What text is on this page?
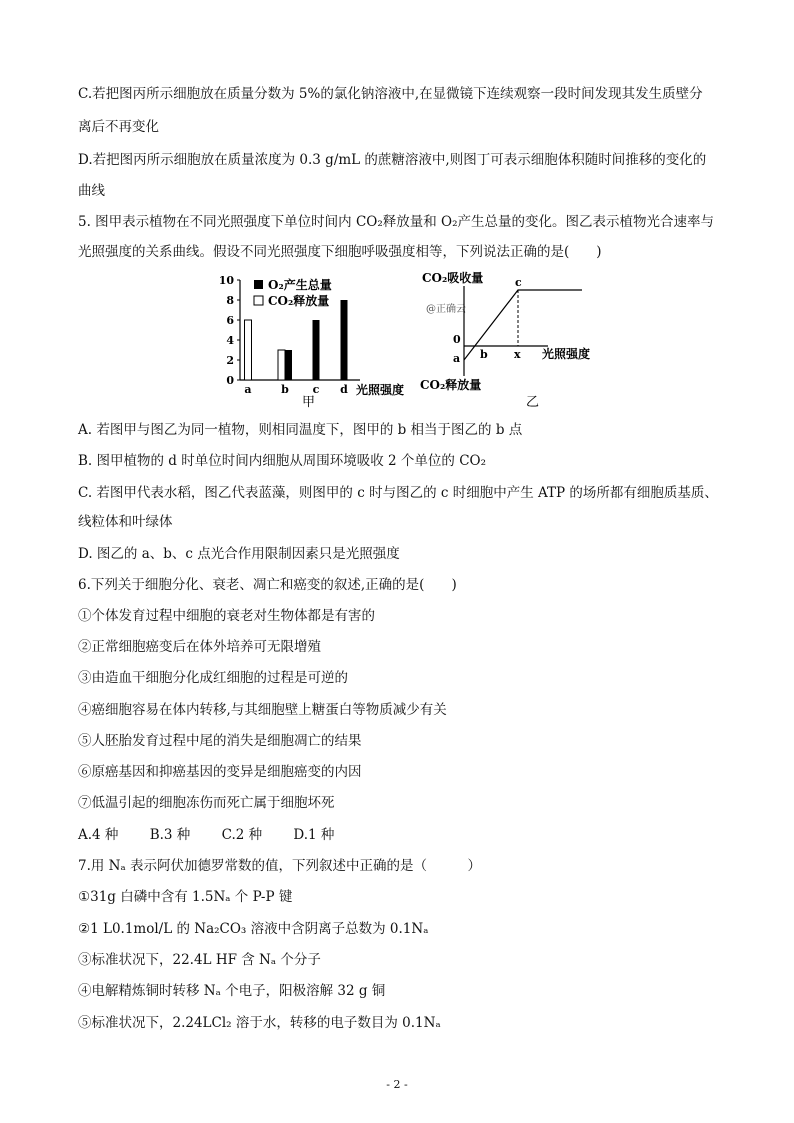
C.若把图丙所示细胞放在质量分数为 5%的氯化钠溶液中,在显微镜下连续观察一段时间发现其发生质壁分
离后不再变化
D.若把图丙所示细胞放在质量浓度为 0.3 g/mL 的蔗糖溶液中,则图丁可表示细胞体积随时间推移的变化的
曲线
5. 图甲表示植物在不同光照强度下单位时间内 CO₂释放量和 O₂产生总量的变化。图乙表示植物光合速率与
光照强度的关系曲线。假设不同光照强度下细胞呼吸强度相等，下列说法正确的是(　　)
A. 若图甲与图乙为同一植物，则相同温度下，图甲的 b 相当于图乙的 b 点
B. 图甲植物的 d 时单位时间内细胞从周围环境吸收 2 个单位的 CO₂
C. 若图甲代表水稻，图乙代表蓝藻，则图甲的 c 时与图乙的 c 时细胞中产生 ATP 的场所都有细胞质基质、
线粒体和叶绿体
D. 图乙的 a、b、c 点光合作用限制因素只是光照强度
6.下列关于细胞分化、衰老、凋亡和癌变的叙述,正确的是(　　)
①个体发育过程中细胞的衰老对生物体都是有害的
②正常细胞癌变后在体外培养可无限增殖
③由造血干细胞分化成红细胞的过程是可逆的
④癌细胞容易在体内转移,与其细胞壁上糖蛋白等物质减少有关
⑤人胚胎发育过程中尾的消失是细胞凋亡的结果
⑥原癌基因和抑癌基因的变异是细胞癌变的内因
⑦低温引起的细胞冻伤而死亡属于细胞坏死
A.4 种　　 B.3 种　　 C.2 种　　 D.1 种
7.用 Nₐ 表示阿伏加德罗常数的值，下列叙述中正确的是（　　　）
①31g 白磷中含有 1.5Nₐ 个 P-P 键
②1 L0.1mol/L 的 Na₂CO₃ 溶液中含阴离子总数为 0.1Nₐ
③标准状况下，22.4L HF 含 Nₐ 个分子
④电解精炼铜时转移 Nₐ 个电子，阳极溶解 32 g 铜
⑤标准状况下，2.24LCl₂ 溶于水，转移的电子数目为 0.1Nₐ
0
2
4
6
8
10
a	b c d
O₂产生总量
CO₂释放量
光照强度
甲
CO₂吸收量
@正确云
0
a b
c
x 光照强度
CO₂释放量
乙
- 2 -
